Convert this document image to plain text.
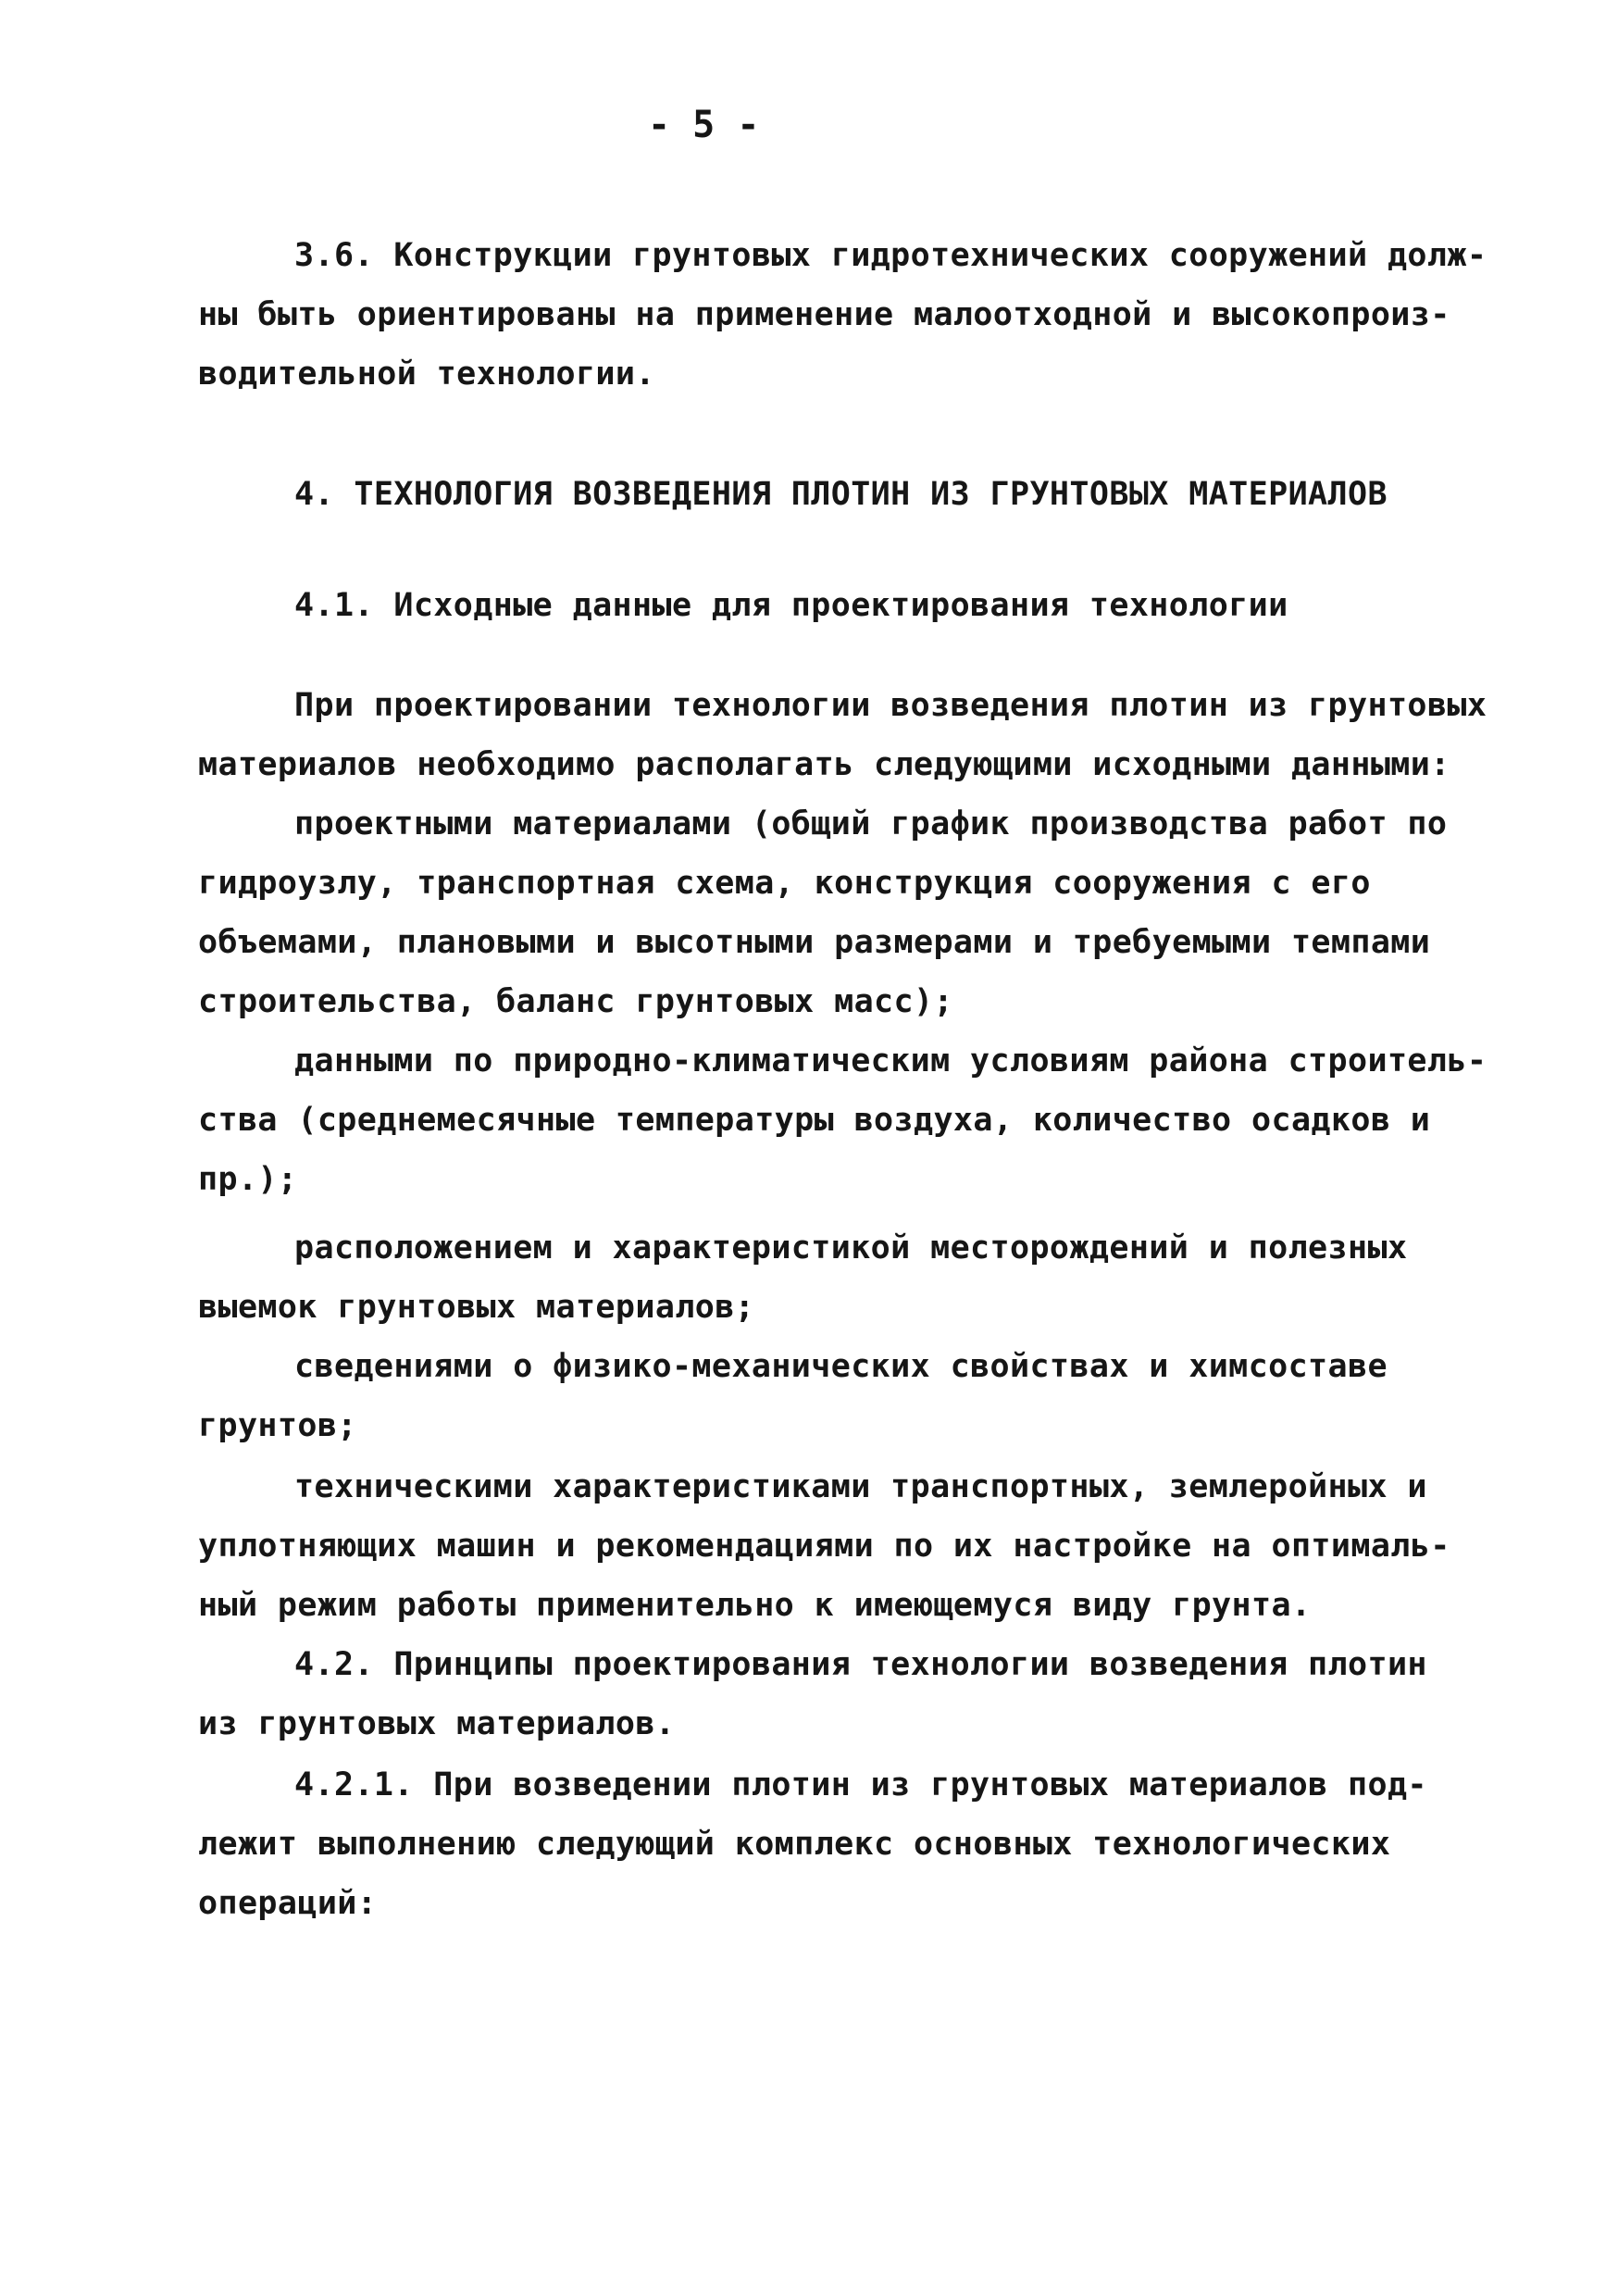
- 5 -
3.6. Конструкции грунтовых гидротехнических сооружений долж-
ны быть ориентированы на применение малоотходной и высокопроиз-
водительной технологии.
4. ТЕХНОЛОГИЯ ВОЗВЕДЕНИЯ ПЛОТИН ИЗ ГРУНТОВЫХ МАТЕРИАЛОВ
4.1. Исходные данные для проектирования технологии
При проектировании технологии возведения плотин из грунтовых
материалов необходимо располагать следующими исходными данными:
проектными материалами (общий график производства работ по
гидроузлу, транспортная схема, конструкция сооружения с его
объемами, плановыми и высотными размерами и требуемыми темпами
строительства, баланс грунтовых масс);
данными по природно-климатическим условиям района строитель-
ства (среднемесячные температуры воздуха, количество осадков и
пр.);
расположением и характеристикой месторождений и полезных
выемок грунтовых материалов;
сведениями о физико-механических свойствах и химсоставе
грунтов;
техническими характеристиками транспортных, землеройных и
уплотняющих машин и рекомендациями по их настройке на оптималь-
ный режим работы применительно к имеющемуся виду грунта.
4.2. Принципы проектирования технологии возведения плотин
из грунтовых материалов.
4.2.1. При возведении плотин из грунтовых материалов под-
лежит выполнению следующий комплекс основных технологических
операций:
